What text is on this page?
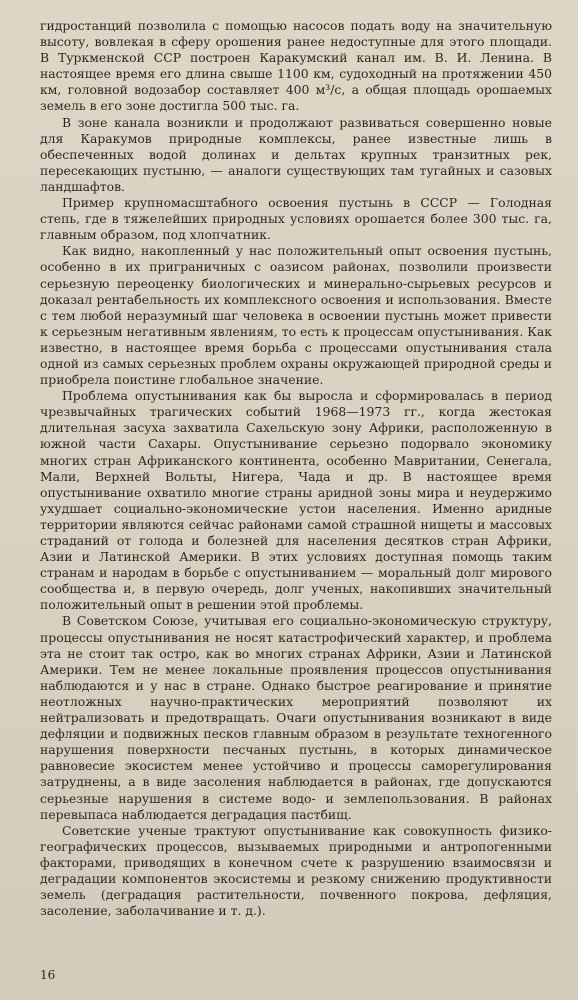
гидростанций позволила с помощью насосов подать воду на значительную высоту, вовлекая в сферу орошения ранее недоступные для этого площади. В Туркменской ССР построен Каракумский канал им. В. И. Ленина. В настоящее время его длина свыше 1100 км, судоходный на протяжении 450 км, головной водозабор составляет 400 м³/с, а общая площадь орошаемых земель в его зоне достигла 500 тыс. га.

В зоне канала возникли и продолжают развиваться совершенно новые для Каракумов природные комплексы, ранее известные лишь в обеспеченных водой долинах и дельтах крупных транзитных рек, пересекающих пустыню, — аналоги существующих там тугайных и сазовых ландшафтов.

Пример крупномасштабного освоения пустынь в СССР — Голодная степь, где в тяжелейших природных условиях орошается более 300 тыс. га, главным образом, под хлопчатник.

Как видно, накопленный у нас положительный опыт освоения пустынь, особенно в их приграничных с оазисом районах, позволили произвести серьезную переоценку биологических и минерально-сырьевых ресурсов и доказал рентабельность их комплексного освоения и использования. Вместе с тем любой неразумный шаг человека в освоении пустынь может привести к серьезным негативным явлениям, то есть к процессам опустынивания. Как известно, в настоящее время борьба с процессами опустынивания стала одной из самых серьезных проблем охраны окружающей природной среды и приобрела поистине глобальное значение.

Проблема опустынивания как бы выросла и сформировалась в период чрезвычайных трагических событий 1968—1973 гг., когда жестокая длительная засуха захватила Сахельскую зону Африки, расположенную в южной части Сахары. Опустынивание серьезно подорвало экономику многих стран Африканского континента, особенно Мавритании, Сенегала, Мали, Верхней Вольты, Нигера, Чада и др. В настоящее время опустынивание охватило многие страны аридной зоны мира и неудержимо ухудшает социально-экономические устои населения. Именно аридные территории являются сейчас районами самой страшной нищеты и массовых страданий от голода и болезней для населения десятков стран Африки, Азии и Латинской Америки. В этих условиях доступная помощь таким странам и народам в борьбе с опустыниванием — моральный долг мирового сообщества и, в первую очередь, долг ученых, накопивших значительный положительный опыт в решении этой проблемы.

В Советском Союзе, учитывая его социально-экономическую структуру, процессы опустынивания не носят катастрофический характер, и проблема эта не стоит так остро, как во многих странах Африки, Азии и Латинской Америки. Тем не менее локальные проявления процессов опустынивания наблюдаются и у нас в стране. Однако быстрое реагирование и принятие неотложных научно-практических мероприятий позволяют их нейтрализовать и предотвращать. Очаги опустынивания возникают в виде дефляции и подвижных песков главным образом в результате техногенного нарушения поверхности песчаных пустынь, в которых динамическое равновесие экосистем менее устойчиво и процессы саморегулирования затруднены, а в виде засоления наблюдается в районах, где допускаются серьезные нарушения в системе водо- и землепользования. В районах перевыпаса наблюдается деградация пастбищ.

Советские ученые трактуют опустынивание как совокупность физико-географических процессов, вызываемых природными и антропогенными факторами, приводящих в конечном счете к разрушению взаимосвязи и деградации компонентов экосистемы и резкому снижению продуктивности земель (деградация растительности, почвенного покрова, дефляция, засоление, заболачивание и т. д.).

16
